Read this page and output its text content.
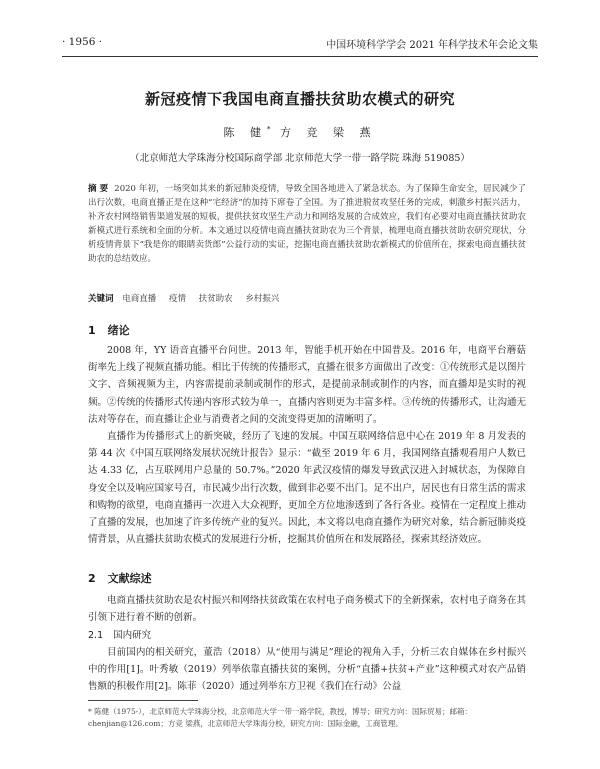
· 1956 ·	中国环境科学学会 2021 年科学技术年会论文集
新冠疫情下我国电商直播扶贫助农模式的研究
陈 健* 方 竞 梁 燕
（北京师范大学珠海分校国际商学部 北京师范大学一带一路学院 珠海 519085）
摘 要 2020 年初，一场突如其来的新冠肺炎疫情，导致全国各地进入了紧急状态。为了保障生命安全，居民减少了出行次数，电商直播正是在这种“宅经济”的加持下席卷了全国。为了推进脱贫攻坚任务的完成，刺激乡村振兴活力，补齐农村网络销售渠道发展的短板，提供扶贫攻坚生产动力和网络发展的合成效应，我们有必要对电商直播扶贫助农新模式进行系统和全面的分析。本文通过以疫情电商直播扶贫助农为三个背景，梳理电商直播扶贫助农研究现状，分析疫情背景下“我是你的眼睛卖货郎”公益行动的实证，挖掘电商直播扶贫助农新模式的价值所在，探索电商直播扶贫助农的总结效应。
关键词 电商直播 疫情 扶贫助农 乡村振兴
1 绪论

2008 年，YY 语音直播平台问世。2013 年，智能手机开始在中国普及。2016 年，电商平台蘑菇街率先上线了视频直播功能。相比于传统的传播形式，直播在很多方面做出了改变：①传统形式是以图片文字、音频视频为主，内容需提前录制或制作的形式，是提前录制或制作的内容，而直播却是实时的视频。②传统的传播形式传递内容形式较为单一，直播内容则更为丰富多样。③传统的传播形式，让沟通无法对等存在，而直播让企业与消费者之间的交流变得更加的清晰明了。

直播作为传播形式上的新突破，经历了飞速的发展。中国互联网络信息中心在 2019 年 8 月发表的第 44 次《中国互联网络发展状况统计报告》显示：“截至 2019 年 6 月，我国网络直播观看用户人数已达 4.33 亿，占互联网用户总量的 50.7%。”2020 年武汉疫情的爆发导致武汉进入封城状态，为保障自身安全以及响应国家号召，市民减少出行次数，做到非必要不出门。足不出户，居民也有日常生活的需求和购物的欲望，电商直播再一次进入大众视野，更加全方位地渗透到了各行各业。疫情在一定程度上推动了直播的发展，也加速了许多传统产业的复兴。因此，本文将以电商直播作为研究对象，结合新冠肺炎疫情背景，从直播扶贫助农模式的发展进行分析，挖掘其价值所在和发展路径，探索其经济效应。

2 文献综述

电商直播扶贫助农是农村振兴和网络扶贫政策在农村电子商务模式下的全新探索，农村电子商务在其引领下进行着不断的创新。

2.1 国内研究

目前国内的相关研究，董浩（2018）从“使用与满足”理论的视角入手，分析三农自媒体在乡村振兴中的作用[1]。叶秀敏（2019）列举依靠直播扶贫的案例，分析“直播+扶贫+产业”这种模式对农产品销售额的积极作用[2]。陈菲（2020）通过列举东方卫视《我们在行动》公益

* 陈健（1975-），北京师范大学珠海分校，北京师范大学一带一路学院，教授，博导；研究方向：国际贸易；邮箱：chenjian@126.com；方竞 梁燕，北京师范大学珠海分校，研究方向：国际金融，工商管理。
